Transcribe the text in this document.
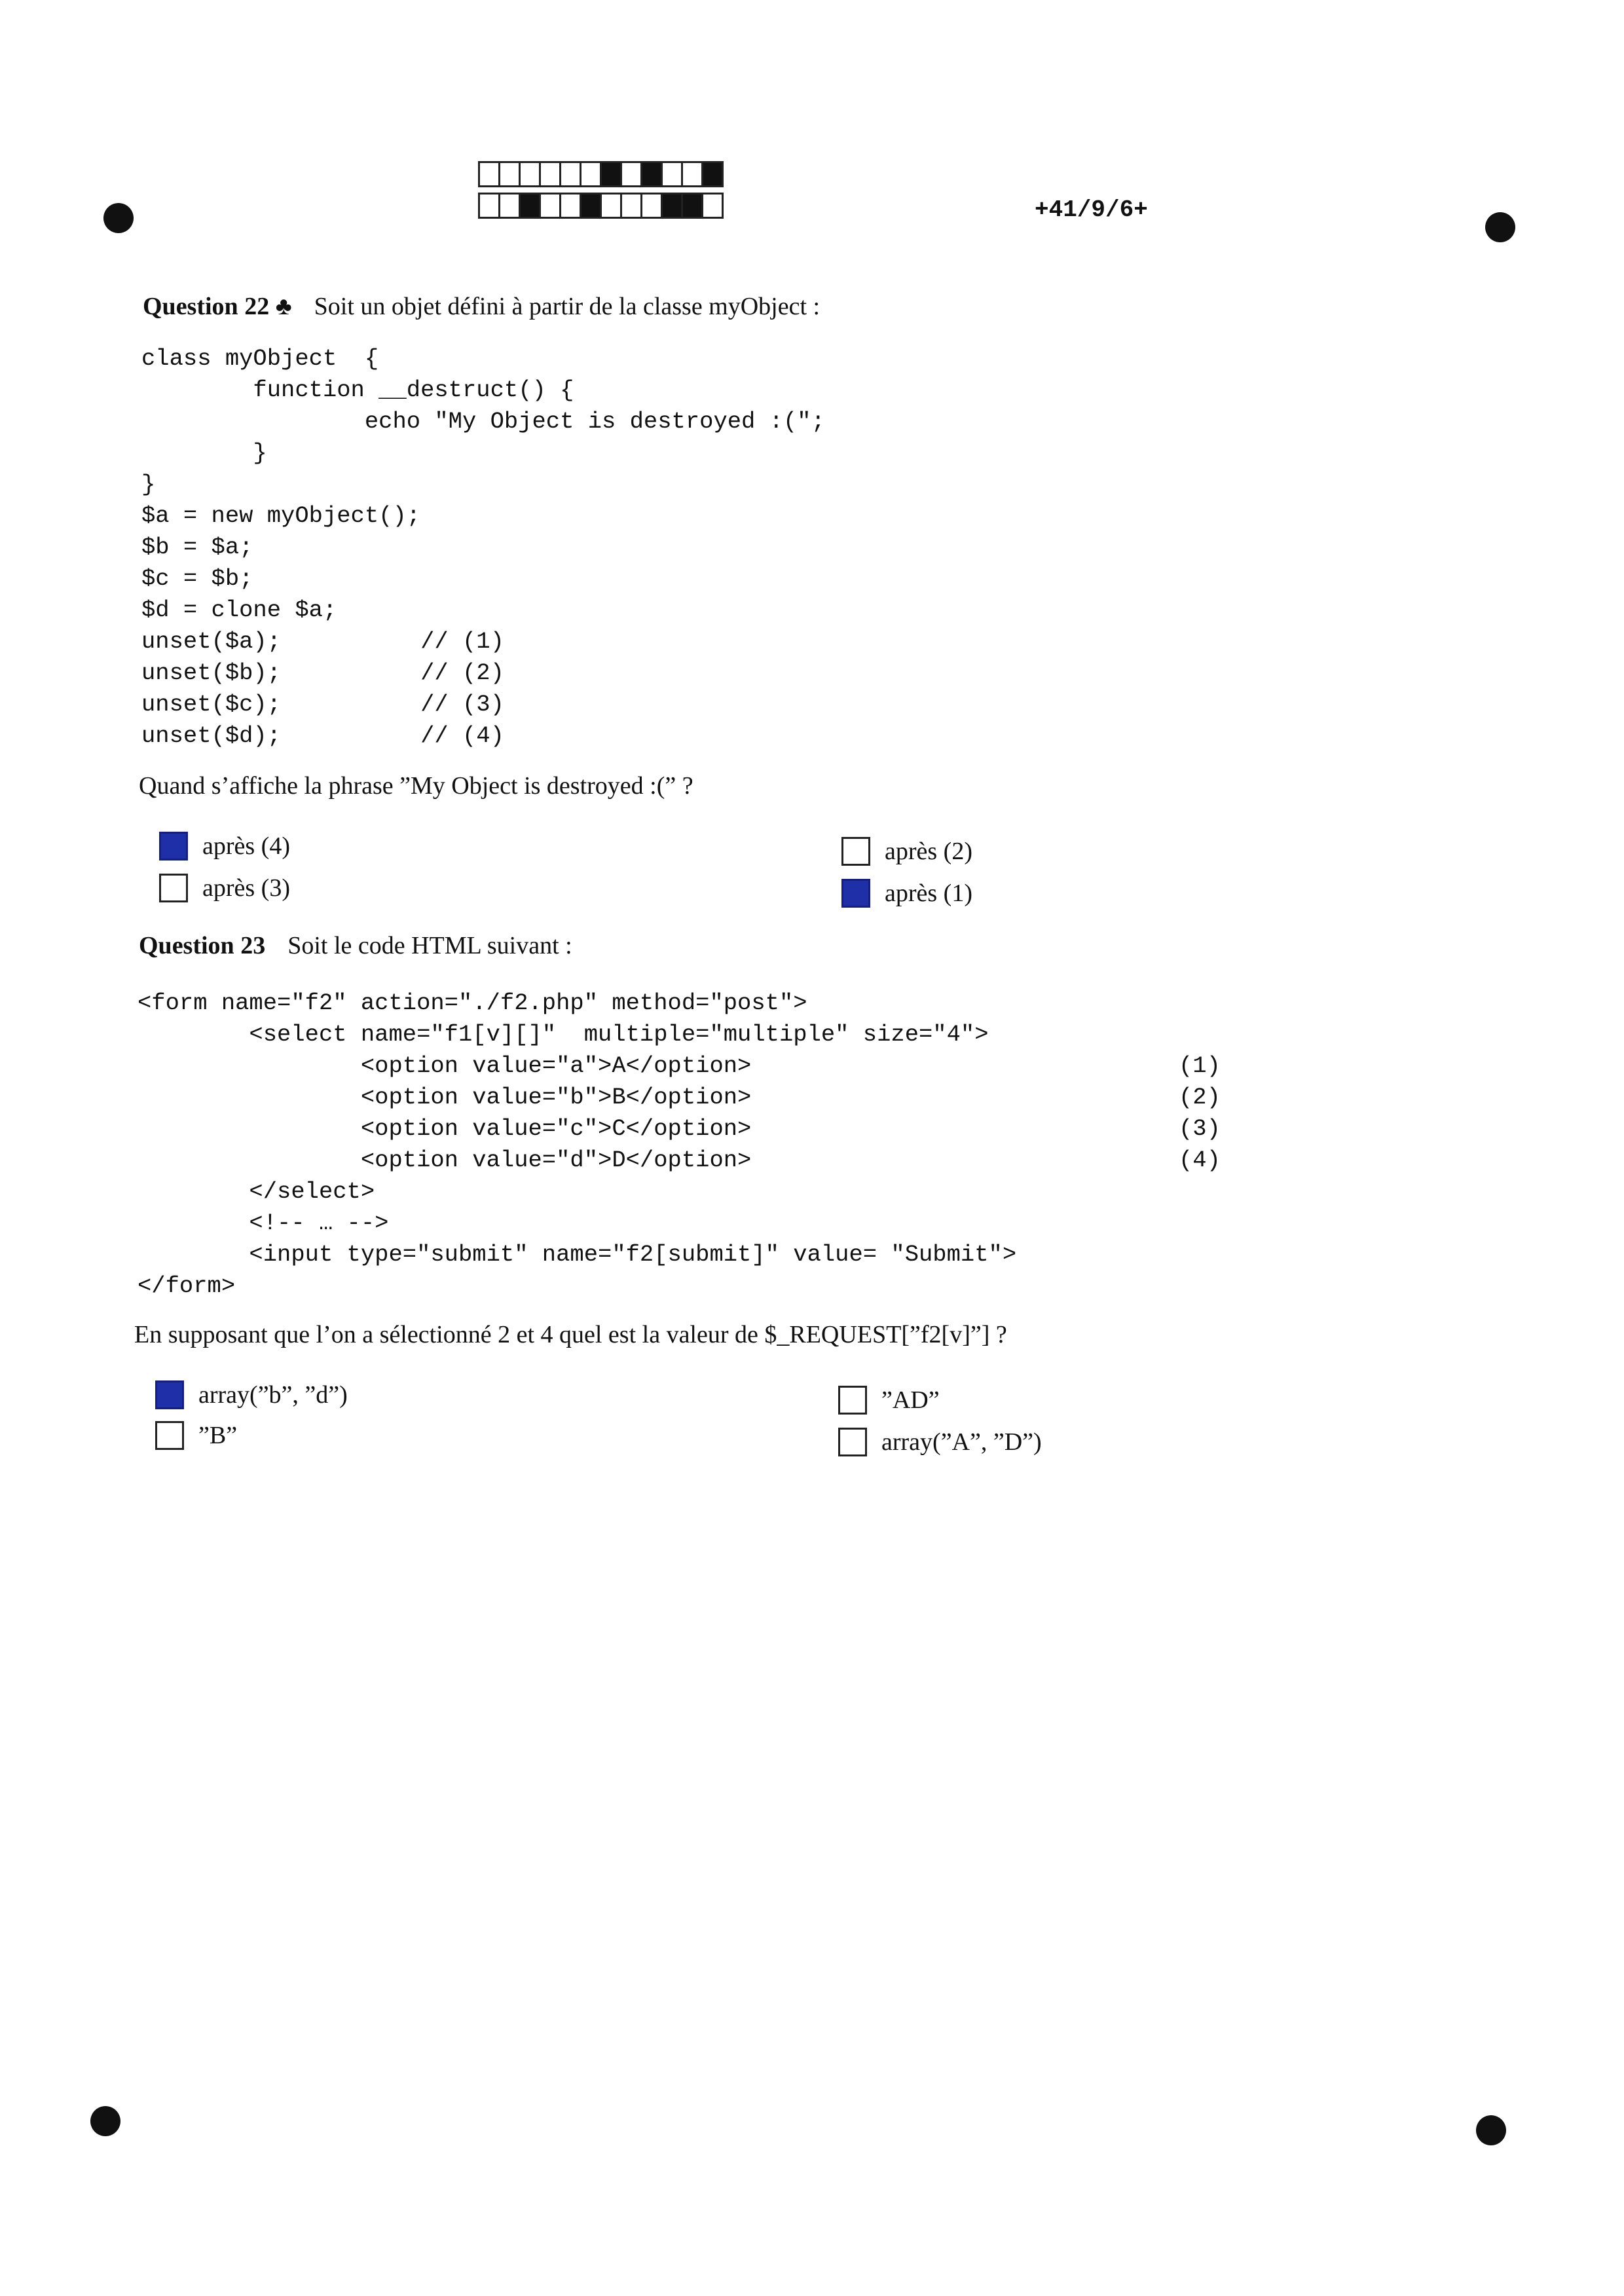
+41/9/6+
Question 22 ♣ Soit un objet défini à partir de la classe myObject :
class myObject  {
function __destruct() {
echo "My Object is destroyed :(";
}
}
$a = new myObject();
$b = $a;
$c = $b;
$d = clone $a;
unset($a);          // (1)
unset($b);          // (2)
unset($c);          // (3)
unset($d);          // (4)
Quand s’affiche la phrase ”My Object is destroyed :(” ?
après (4)
après (3)
après (2)
après (1)
Question 23 Soit le code HTML suivant :
<form name="f2" action="./f2.php" method="post">
<select name="f1[v][]"  multiple="multiple" size="4">
<option value="a">A</option>
<option value="b">B</option>
<option value="c">C</option>
<option value="d">D</option>
</select>
<!-- … -->
<input type="submit" name="f2[submit]" value= "Submit">
</form>
(1)
(2)
(3)
(4)
En supposant que l’on a sélectionné 2 et 4 quel est la valeur de $_REQUEST[”f2[v]”] ?
array(”b”, ”d”)
”B”
”AD”
array(”A”, ”D”)
